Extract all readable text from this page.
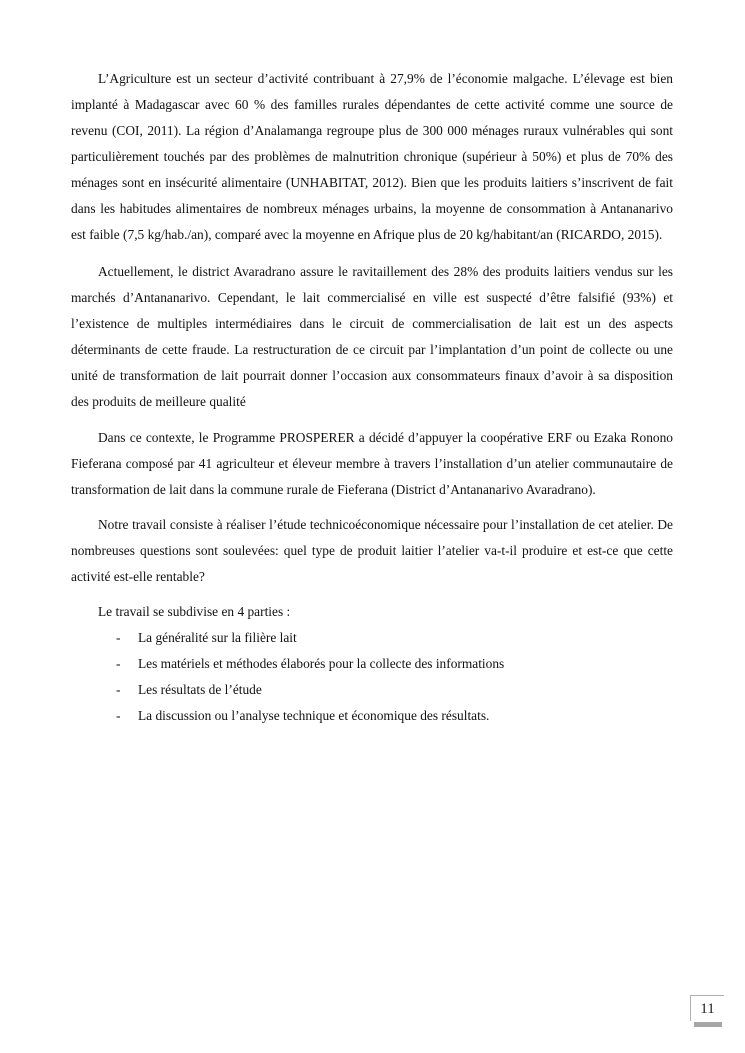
L’Agriculture est un secteur d’activité contribuant à 27,9% de l’économie malgache. L’élevage est bien implanté à Madagascar avec 60 % des familles rurales dépendantes de cette activité comme une source de revenu (COI, 2011). La région d’Analamanga regroupe plus de 300 000 ménages ruraux vulnérables qui sont particulièrement touchés par des problèmes de malnutrition chronique (supérieur à 50%) et plus de 70% des ménages sont en insécurité alimentaire (UNHABITAT, 2012). Bien que les produits laitiers s’inscrivent de fait dans les habitudes alimentaires de nombreux ménages urbains, la moyenne de consommation à Antananarivo est faible (7,5 kg/hab./an), comparé avec la moyenne en Afrique plus de 20 kg/habitant/an (RICARDO, 2015).

Actuellement, le district Avaradrano assure le ravitaillement des 28% des produits laitiers vendus sur les marchés d’Antananarivo. Cependant, le lait commercialisé en ville est suspecté d’être falsifié (93%) et l’existence de multiples intermédiaires dans le circuit de commercialisation de lait est un des aspects déterminants de cette fraude. La restructuration de ce circuit par l’implantation d’un point de collecte ou une unité de transformation de lait pourrait donner l’occasion aux consommateurs finaux d’avoir à sa disposition des produits de meilleure qualité

Dans ce contexte, le Programme PROSPERER a décidé d’appuyer la coopérative ERF ou Ezaka Ronono Fieferana composé par 41 agriculteur et éleveur membre à travers l’installation d’un atelier communautaire de transformation de lait dans la commune rurale de Fieferana (District d’Antananarivo Avaradrano).

Notre travail consiste à réaliser l’étude technicoéconomique nécessaire pour l’installation de cet atelier. De nombreuses questions sont soulevées: quel type de produit laitier l’atelier va-t-il produire et est-ce que cette activité est-elle rentable?

Le travail se subdivise en 4 parties :

- La généralité sur la filière lait
- Les matériels et méthodes élaborés pour la collecte des informations
- Les résultats de l’étude
- La discussion ou l’analyse technique et économique des résultats.
11
